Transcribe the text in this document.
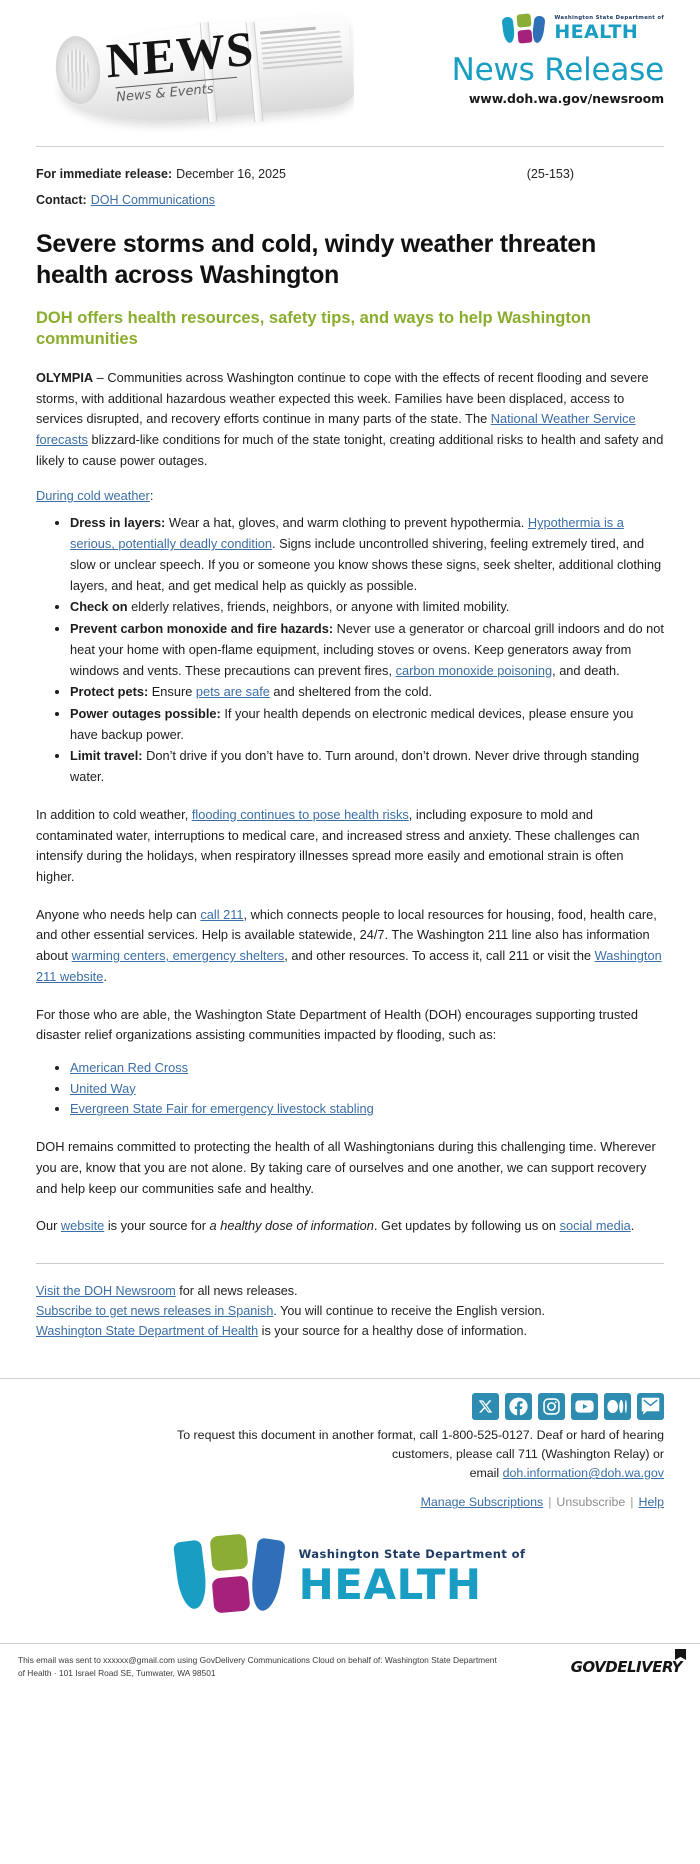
NEWS
News & Events
Washington State Department of
HEALTH
News Release
www.doh.wa.gov/newsroom
For immediate release: December 16, 2025	(25-153)
Contact: DOH Communications
Severe storms and cold, windy weather threaten health across Washington
DOH offers health resources, safety tips, and ways to help Washington communities

OLYMPIA – Communities across Washington continue to cope with the effects of recent flooding and severe storms, with additional hazardous weather expected this week. Families have been displaced, access to services disrupted, and recovery efforts continue in many parts of the state. The National Weather Service forecasts blizzard-like conditions for much of the state tonight, creating additional risks to health and safety and likely to cause power outages.

During cold weather:

• Dress in layers: Wear a hat, gloves, and warm clothing to prevent hypothermia. Hypothermia is a serious, potentially deadly condition. Signs include uncontrolled shivering, feeling extremely tired, and slow or unclear speech. If you or someone you know shows these signs, seek shelter, additional clothing layers, and heat, and get medical help as quickly as possible.
• Check on elderly relatives, friends, neighbors, or anyone with limited mobility.
• Prevent carbon monoxide and fire hazards: Never use a generator or charcoal grill indoors and do not heat your home with open-flame equipment, including stoves or ovens. Keep generators away from windows and vents. These precautions can prevent fires, carbon monoxide poisoning, and death.
• Protect pets: Ensure pets are safe and sheltered from the cold.
• Power outages possible: If your health depends on electronic medical devices, please ensure you have backup power.
• Limit travel: Don’t drive if you don’t have to. Turn around, don’t drown. Never drive through standing water.

In addition to cold weather, flooding continues to pose health risks, including exposure to mold and contaminated water, interruptions to medical care, and increased stress and anxiety. These challenges can intensify during the holidays, when respiratory illnesses spread more easily and emotional strain is often higher.

Anyone who needs help can call 211, which connects people to local resources for housing, food, health care, and other essential services. Help is available statewide, 24/7. The Washington 211 line also has information about warming centers, emergency shelters, and other resources. To access it, call 211 or visit the Washington 211 website.

For those who are able, the Washington State Department of Health (DOH) encourages supporting trusted disaster relief organizations assisting communities impacted by flooding, such as:

• American Red Cross
• United Way
• Evergreen State Fair for emergency livestock stabling

DOH remains committed to protecting the health of all Washingtonians during this challenging time. Wherever you are, know that you are not alone. By taking care of ourselves and one another, we can support recovery and help keep our communities safe and healthy.

Our website is your source for a healthy dose of information. Get updates by following us on social media.

Visit the DOH Newsroom for all news releases.
Subscribe to get news releases in Spanish. You will continue to receive the English version.
Washington State Department of Health is your source for a healthy dose of information.
To request this document in another format, call 1-800-525-0127. Deaf or hard of hearing
customers, please call 711 (Washington Relay) or
email doh.information@doh.wa.gov
Manage Subscriptions | Unsubscribe | Help
Washington State Department of
HEALTH

This email was sent to xxxxxx@gmail.com using GovDelivery Communications Cloud on behalf of: Washington State Department
of Health · 101 Israel Road SE, Tumwater, WA 98501	GOVDELIVERY
